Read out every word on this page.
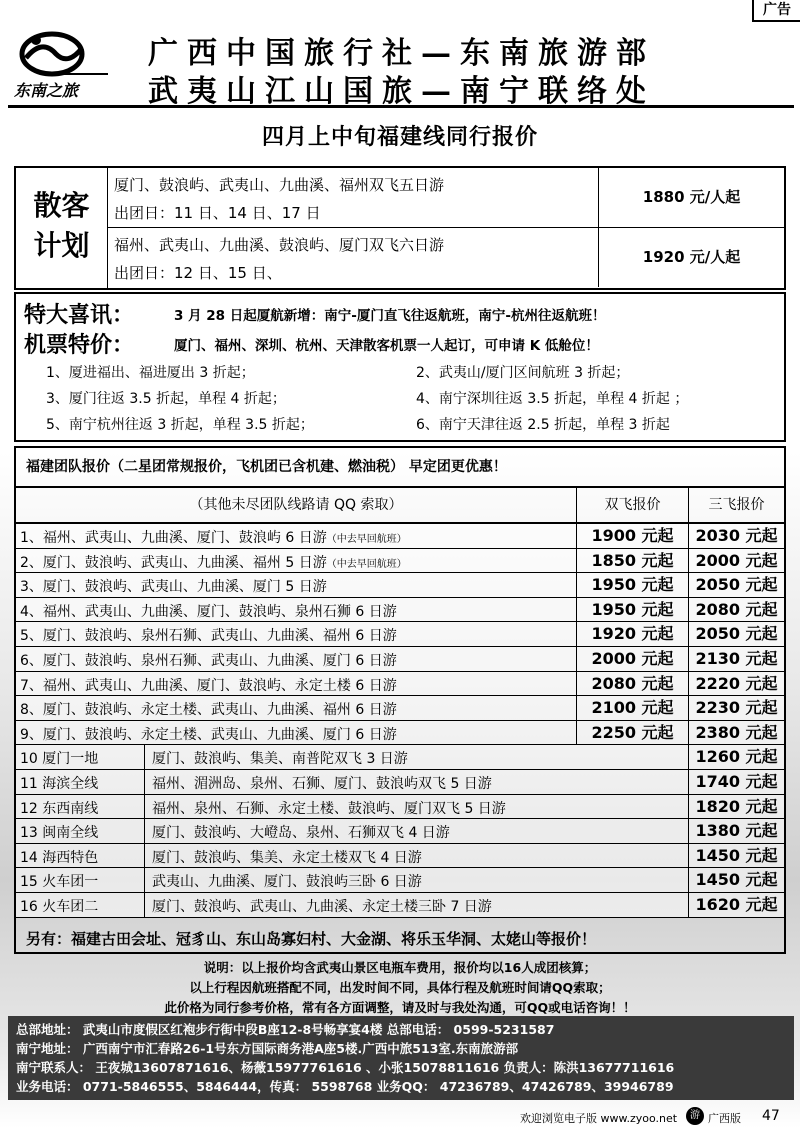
广告
东南之旅
广西中国旅行社—东南旅游部
武夷山江山国旅—南宁联络处
四月上中旬福建线同行报价
散客
计划
厦门、鼓浪屿、武夷山、九曲溪、福州双飞五日游
出团日：11 日、14 日、17 日
1880 元/人起
福州、武夷山、九曲溪、鼓浪屿、厦门双飞六日游
出团日：12 日、15 日、
1920 元/人起
特大喜讯：	3 月 28 日起厦航新增：南宁-厦门直飞往返航班，南宁-杭州往返航班！
机票特价：	厦门、福州、深圳、杭州、天津散客机票一人起订，可申请 K 低舱位！
1、厦进福出、福进厦出 3 折起；	2、武夷山/厦门区间航班 3 折起；
3、厦门往返 3.5 折起，单程 4 折起；	4、南宁深圳往返 3.5 折起，单程 4 折起 ；
5、南宁杭州往返 3 折起，单程 3.5 折起；	6、南宁天津往返 2.5 折起，单程 3 折起
福建团队报价（二星团常规报价，飞机团已含机建、燃油税） 早定团更优惠！
（其他未尽团队线路请 QQ 索取）	双飞报价	三飞报价
1、福州、武夷山、九曲溪、厦门、鼓浪屿 6 日游（中去早回航班）	1900 元起	2030 元起
2、厦门、鼓浪屿、武夷山、九曲溪、福州 5 日游（中去早回航班）	1850 元起	2000 元起
3、厦门、鼓浪屿、武夷山、九曲溪、厦门 5 日游	1950 元起	2050 元起
4、福州、武夷山、九曲溪、厦门、鼓浪屿、泉州石狮 6 日游	1950 元起	2080 元起
5、厦门、鼓浪屿、泉州石狮、武夷山、九曲溪、福州 6 日游	1920 元起	2050 元起
6、厦门、鼓浪屿、泉州石狮、武夷山、九曲溪、厦门 6 日游	2000 元起	2130 元起
7、福州、武夷山、九曲溪、厦门、鼓浪屿、永定土楼 6 日游	2080 元起	2220 元起
8、厦门、鼓浪屿、永定土楼、武夷山、九曲溪、福州 6 日游	2100 元起	2230 元起
9、厦门、鼓浪屿、永定土楼、武夷山、九曲溪、厦门 6 日游	2250 元起	2380 元起
10 厦门一地	厦门、鼓浪屿、集美、南普陀双飞 3 日游	1260 元起
11 海滨全线	福州、湄洲岛、泉州、石狮、厦门、鼓浪屿双飞 5 日游	1740 元起
12 东西南线	福州、泉州、石狮、永定土楼、鼓浪屿、厦门双飞 5 日游	1820 元起
13 闽南全线	厦门、鼓浪屿、大嶝岛、泉州、石狮双飞 4 日游	1380 元起
14 海西特色	厦门、鼓浪屿、集美、永定土楼双飞 4 日游	1450 元起
15 火车团一	武夷山、九曲溪、厦门、鼓浪屿三卧 6 日游	1450 元起
16 火车团二	厦门、鼓浪屿、武夷山、九曲溪、永定土楼三卧 7 日游	1620 元起
另有：福建古田会址、冠豸山、东山岛寡妇村、大金湖、将乐玉华洞、太姥山等报价！
说明：以上报价均含武夷山景区电瓶车费用，报价均以16人成团核算；
以上行程因航班搭配不同，出发时间不同，具体行程及航班时间请QQ索取；
此价格为同行参考价格，常有各方面调整，请及时与我处沟通，可QQ或电话咨询！！
总部地址： 武夷山市度假区红袍步行街中段B座12-8号畅享宴4楼 总部电话： 0599-5231587
南宁地址： 广西南宁市汇春路26-1号东方国际商务港A座5楼.广西中旅513室.东南旅游部
南宁联系人： 王夜城13607871616、杨薇15977761616 、小张15078811616 负责人：陈洪13677711616
业务电话： 0771-5846555、5846444，传真： 5598768 业务QQ： 47236789、47426789、39946789
欢迎浏览电子版 www.zyoo.net	游 广西版 47
